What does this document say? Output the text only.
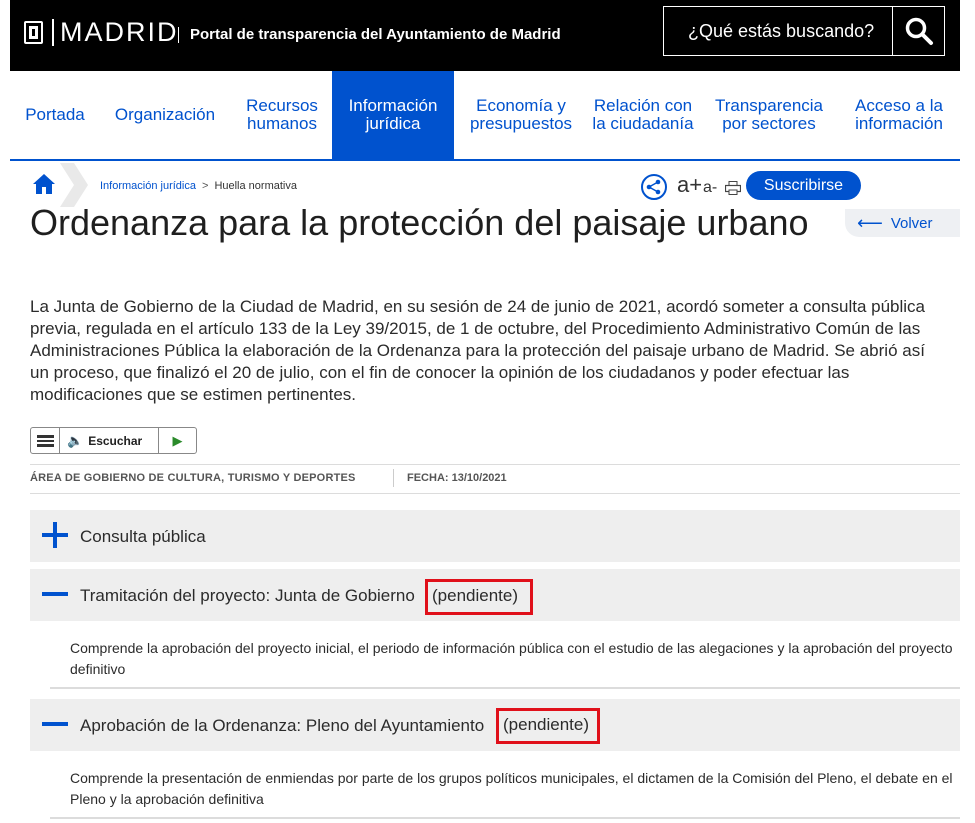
MADRID Portal de transparencia del Ayuntamiento de Madrid	¿Qué estás buscando?
Portada	Organización	Recursos humanos
Información jurídica
Economía y presupuestos
Relación con la ciudadanía
Transparencia por sectores
Acceso a la información
Información jurídica > Huella normativa	a+ a-	Suscribirse
⟵ Volver
Ordenanza para la protección del paisaje urbano

La Junta de Gobierno de la Ciudad de Madrid, en su sesión de 24 de junio de 2021, acordó someter a consulta pública previa, regulada en el artículo 133 de la Ley 39/2015, de 1 de octubre, del Procedimiento Administrativo Común de las Administraciones Pública la elaboración de la Ordenanza para la protección del paisaje urbano de Madrid. Se abrió así un proceso, que finalizó el 20 de julio, con el fin de conocer la opinión de los ciudadanos y poder efectuar las modificaciones que se estimen pertinentes.

🔈 Escuchar ▶
ÁREA DE GOBIERNO DE CULTURA, TURISMO Y DEPORTES	FECHA: 13/10/2021
Consulta pública
Tramitación del proyecto: Junta de Gobierno	(pendiente)
Comprende la aprobación del proyecto inicial, el periodo de información pública con el estudio de las alegaciones y la aprobación del proyecto definitivo
Aprobación de la Ordenanza: Pleno del Ayuntamiento	(pendiente)
Comprende la presentación de enmiendas por parte de los grupos políticos municipales, el dictamen de la Comisión del Pleno, el debate en el Pleno y la aprobación definitiva
